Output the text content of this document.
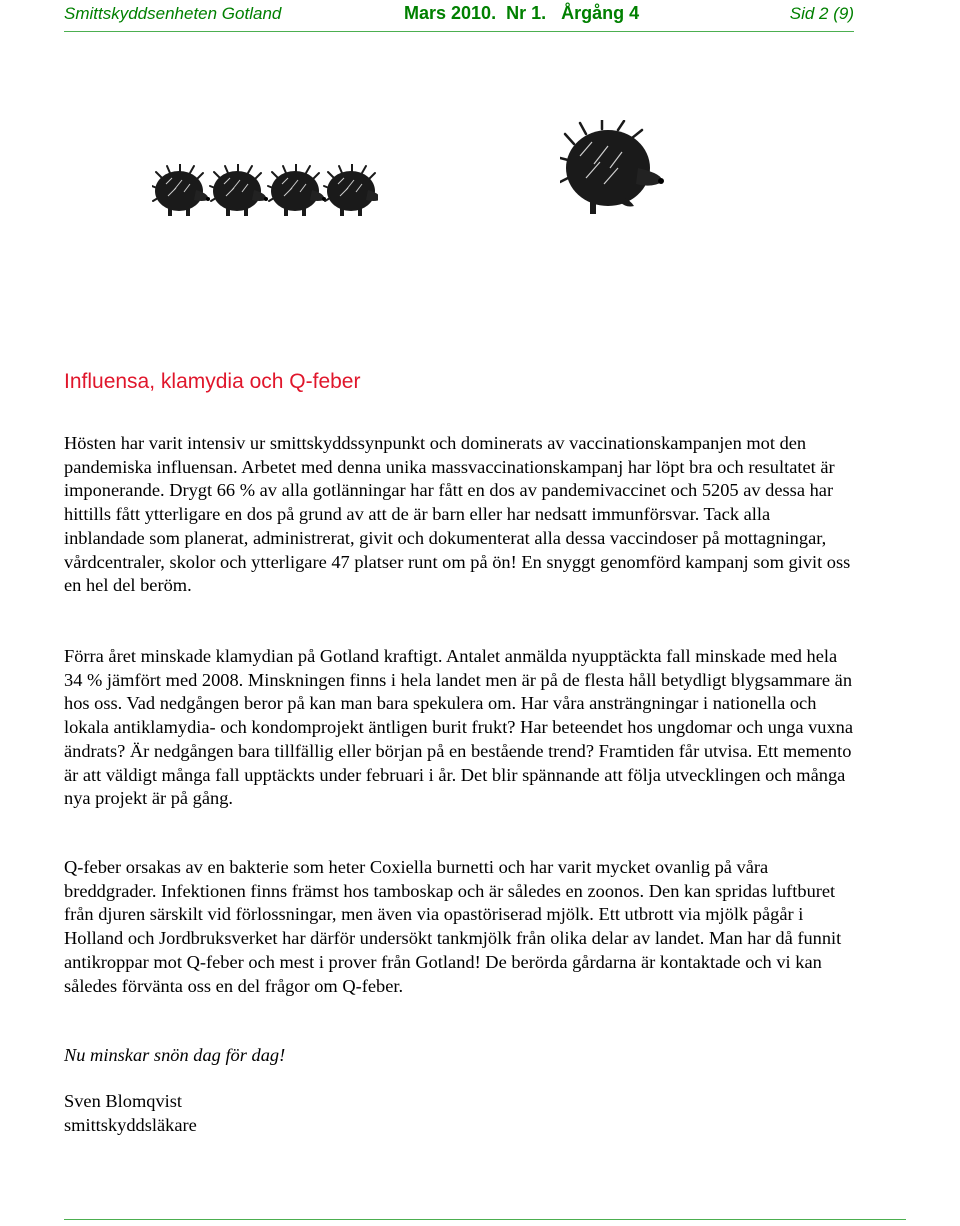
Smittskyddsenheten Gotland	Mars 2010.  Nr 1.   Årgång 4	Sid 2 (9)
Influensa, klamydia och Q-feber

Hösten har varit intensiv ur smittskyddssynpunkt och dominerats av vaccinationskampanjen mot den pandemiska influensan. Arbetet med denna unika massvaccinationskampanj har löpt bra och resultatet är imponerande. Drygt 66 % av alla gotlänningar har fått en dos av pandemivaccinet och 5205 av dessa har hittills fått ytterligare en dos på grund av att de är barn eller har nedsatt immunförsvar. Tack alla inblandade som planerat, administrerat, givit och dokumenterat alla dessa vaccindoser på mottagningar, vårdcentraler, skolor och ytterligare 47 platser runt om på ön! En snyggt genomförd kampanj som givit oss en hel del beröm.

Förra året minskade klamydian på Gotland kraftigt. Antalet anmälda nyupptäckta fall minskade med hela 34 % jämfört med 2008. Minskningen finns i hela landet men är på de flesta håll betydligt blygsammare än hos oss. Vad nedgången beror på kan man bara spekulera om. Har våra ansträngningar i nationella och lokala antiklamydia- och kondomprojekt äntligen burit frukt? Har beteendet hos ungdomar och unga vuxna ändrats? Är nedgången bara tillfällig eller början på en bestående trend? Framtiden får utvisa. Ett memento är att väldigt många fall upptäckts under februari i år. Det blir spännande att följa utvecklingen och många nya projekt är på gång.

Q-feber orsakas av en bakterie som heter Coxiella burnetti och har varit mycket ovanlig på våra breddgrader. Infektionen finns främst hos tamboskap och är således en zoonos. Den kan spridas luftburet från djuren särskilt vid förlossningar, men även via opastöriserad mjölk. Ett utbrott via mjölk pågår i Holland och Jordbruksverket har därför undersökt tankmjölk från olika delar av landet. Man har då funnit antikroppar mot Q-feber och mest i prover från Gotland! De berörda gårdarna är kontaktade och vi kan således förvänta oss en del frågor om Q-feber.

Nu minskar snön dag för dag!

Sven Blomqvist
smittskyddsläkare
